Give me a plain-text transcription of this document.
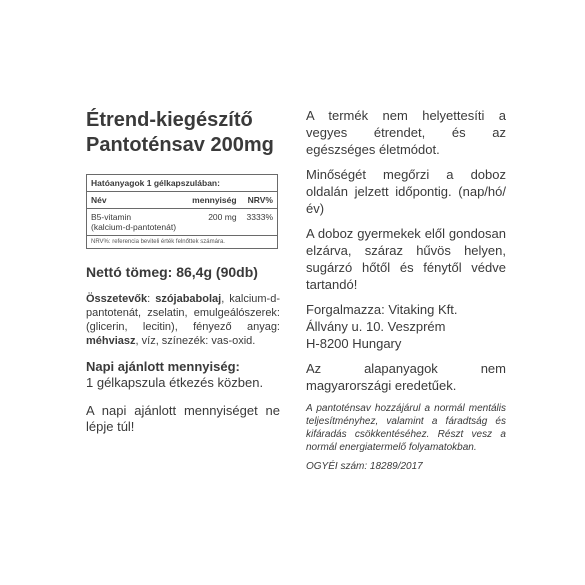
Étrend-kiegészítő
Pantoténsav 200mg
Hatóanyagok 1 gélkapszulában:		
Név	mennyiség	NRV%

B5-vitamin
(kalcium-d-pantotenát)	200 mg	3333%
NRV%: referencia beviteli érték felnőttek számára.		
Nettó tömeg: 86,4g (90db)
Összetevők: szójababolaj, kalcium-d-pantotenát, zselatin, emulgeálószerek: (glicerin, lecitin), fényező anyag: méhviasz, víz, színezék: vas-oxid.
Napi ajánlott mennyiség:
1 gélkapszula étkezés közben.
A napi ajánlott mennyiséget ne lépje túl!

A termék nem helyettesíti a vegyes étrendet, és az egészséges életmódot.

Minőségét megőrzi a doboz oldalán jelzett időpontig. (nap/hó/év)

A doboz gyermekek elől gondosan elzárva, száraz hűvös helyen, sugárzó hőtől és fénytől védve tartandó!

Forgalmazza: Vitaking Kft.
Állvány u. 10. Veszprém
H-8200 Hungary

Az alapanyagok nem magyarországi eredetűek.

A pantoténsav hozzájárul a normál mentális teljesítményhez, valamint a fáradtság és kifáradás csökkentéséhez. Részt vesz a normál energiatermelő folyamatokban.
OGYÉI szám: 18289/2017
